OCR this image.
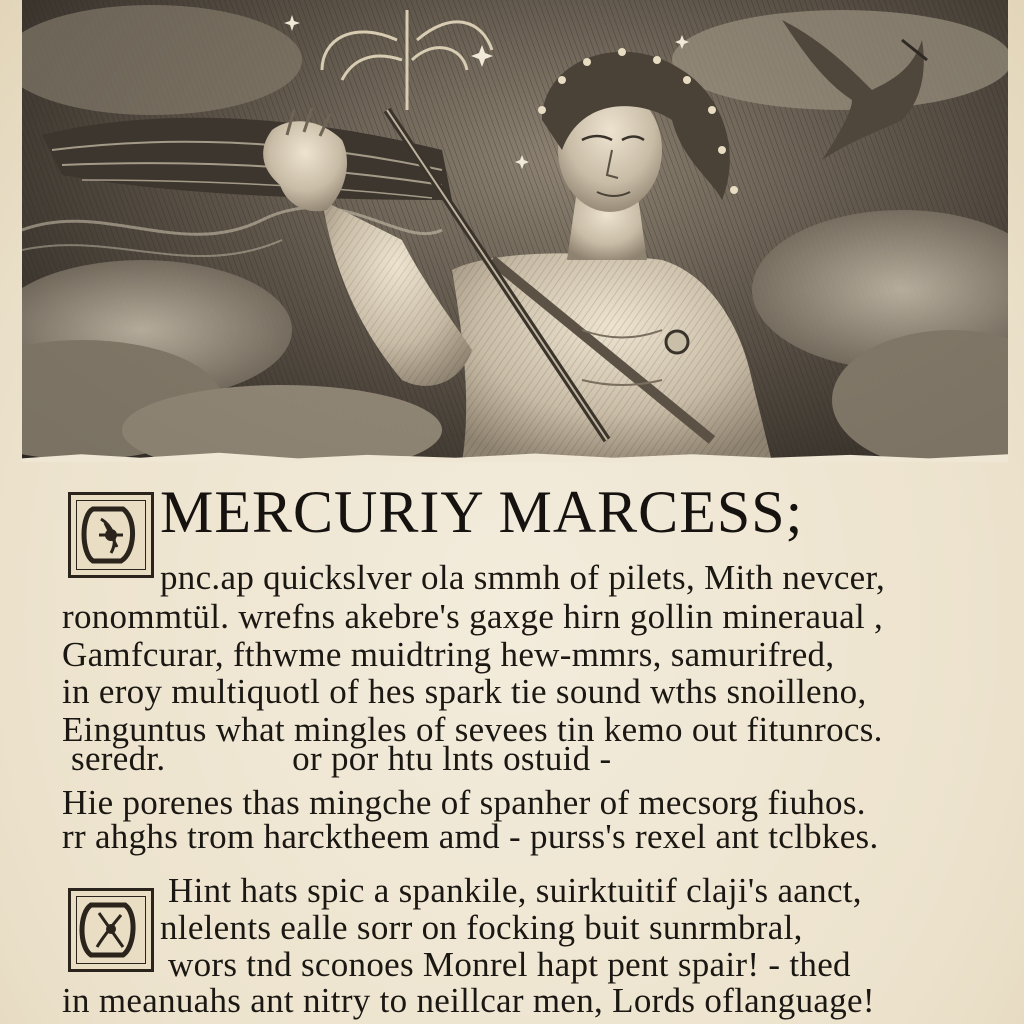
MERCURIY MARCESS;

pnc.ap quickslver ola smmh of pilets, Mith nevcer,

ronommtül. wrefns akebre's gaxge hirn gollin mineraual ,

Gamfcurar, fthwme muidtring hew-mmrs, samurifred,

in eroy multiquotl of hes spark tie sound wths snoilleno,

Einguntus what mingles of sevees tin kemo out fitunrocs.

seredr.              or por htu lnts ostuid -

Hie porenes thas mingche of spanher of mecsorg fiuhos.

rr ahghs trom harcktheem amd - purss's rexel ant tclbkes.

Hint hats spic a spankile, suirktuitif claji's aanct,

nlelents ealle sorr on focking buit sunrmbral,

wors tnd sconoes Monrel hapt pent spair! - thed

in meanuahs ant nitry to neillcar men, Lords oflanguage!
